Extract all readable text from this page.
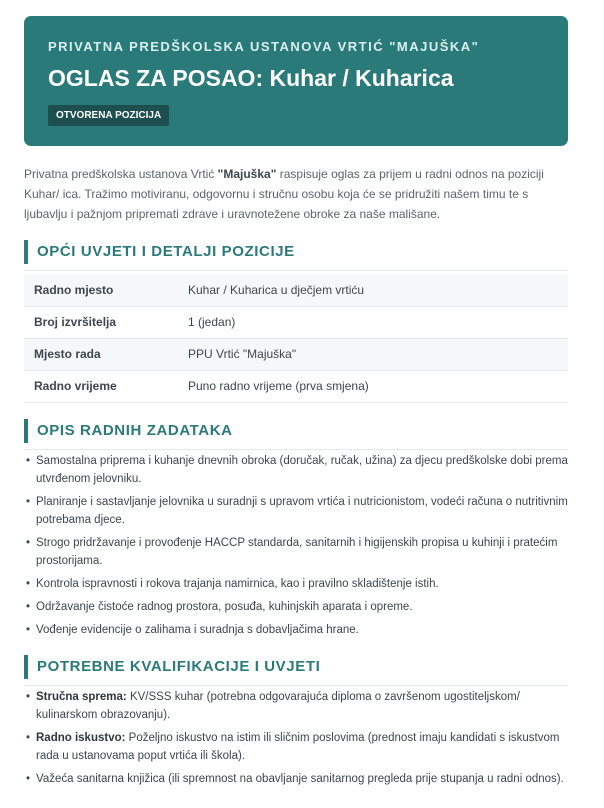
PRIVATNA PREDŠKOLSKA USTANOVA VRTIĆ "MAJUŠKA"
OGLAS ZA POSAO: Kuhar / Kuharica
OTVORENA POZICIJA

Privatna predškolska ustanova Vrtić "Majuška" raspisuje oglas za prijem u radni odnos na poziciji Kuhar/ ica. Tražimo motiviranu, odgovornu i stručnu osobu koja će se pridružiti našem timu te s ljubavlju i pažnjom pripremati zdrave i uravnotežene obroke za naše mališane.

OPĆI UVJETI I DETALJI POZICIJE
Radno mjesto	Kuhar / Kuharica u dječjem vrtiću
Broj izvršitelja	1 (jedan)
Mjesto rada	PPU Vrtić "Majuška"
Radno vrijeme	Puno radno vrijeme (prva smjena)
OPIS RADNIH ZADATAKA
• Samostalna priprema i kuhanje dnevnih obroka (doručak, ručak, užina) za djecu predškolske dobi prema utvrđenom jelovniku.
• Planiranje i sastavljanje jelovnika u suradnji s upravom vrtića i nutricionistom, vodeći računa o nutritivnim potrebama djece.
• Strogo pridržavanje i provođenje HACCP standarda, sanitarnih i higijenskih propisa u kuhinji i pratećim prostorijama.
• Kontrola ispravnosti i rokova trajanja namirnica, kao i pravilno skladištenje istih.
• Održavanje čistoće radnog prostora, posuđa, kuhinjskih aparata i opreme.
• Vođenje evidencije o zalihama i suradnja s dobavljačima hrane.
POTREBNE KVALIFIKACIJE I UVJETI
• Stručna sprema: KV/SSS kuhar (potrebna odgovarajuća diploma o završenom ugostiteljskom/ kulinarskom obrazovanju).
• Radno iskustvo: Poželjno iskustvo na istim ili sličnim poslovima (prednost imaju kandidati s iskustvom rada u ustanovama poput vrtića ili škola).
• Važeća sanitarna knjižica (ili spremnost na obavljanje sanitarnog pregleda prije stupanja u radni odnos).
